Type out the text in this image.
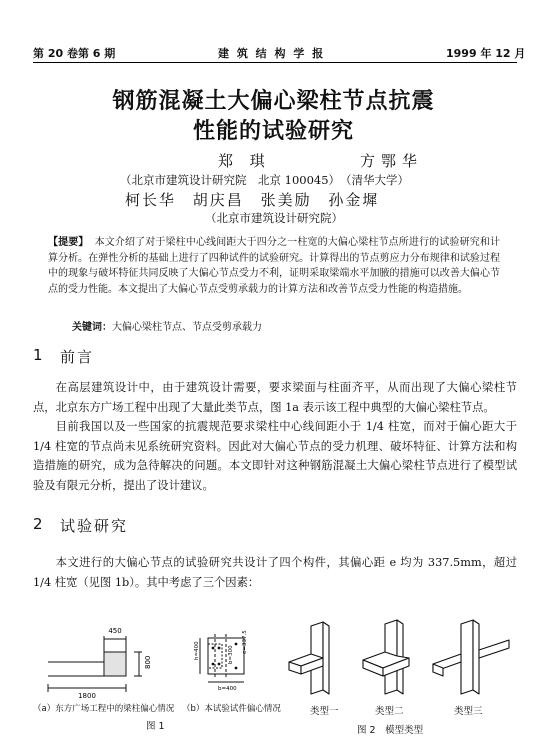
第 20 卷第 6 期	建 筑 结 构 学 报	1999 年 12 月
钢筋混凝土大偏心梁柱节点抗震
性能的试验研究
郑 琪	方鄂华
（北京市建筑设计研究院　北京 100045）　（清华大学）
柯长华 胡庆昌 张美励 孙金墀
（北京市建筑设计研究院）
【提要】 本文介绍了对于梁柱中心线间距大于四分之一柱宽的大偏心梁柱节点所进行的试验研究和计算分析。在弹性分析的基础上进行了四种试件的试验研究。计算得出的节点剪应力分布规律和试验过程中的现象与破坏特征共同反映了大偏心节点受力不利，证明采取梁端水平加腋的措施可以改善大偏心节点的受力性能。本文提出了大偏心节点受剪承载力的计算方法和改善节点受力性能的构造措施。
关键词：大偏心梁柱节点、节点受剪承载力
1 前言

在高层建筑设计中，由于建筑设计需要，要求梁面与柱面齐平，从而出现了大偏心梁柱节点，北京东方广场工程中出现了大量此类节点，图 1a 表示该工程中典型的大偏心梁柱节点。

目前我国以及一些国家的抗震规范要求梁柱中心线间距小于 1/4 柱宽，而对于偏心距大于 1/4 柱宽的节点尚未见系统研究资料。因此对大偏心节点的受力机理、破坏特征、计算方法和构造措施的研究，成为急待解决的问题。本文即针对这种钢筋混凝土大偏心梁柱节点进行了模型试验及有限元分析，提出了设计建议。

2 试验研究

本文进行的大偏心节点的试验研究共设计了四个构件，其偏心距 e 均为 337.5mm，超过 1/4 柱宽（见图 1b）。其中考虑了三个因素：

450
800
1800
e=337.5
h=400
b=400
b=300
（a）东方广场工程中的梁柱偏心情况 （b）本试验试件偏心情况
图 1
类型一	类型二	类型三
图 2　模型类型
